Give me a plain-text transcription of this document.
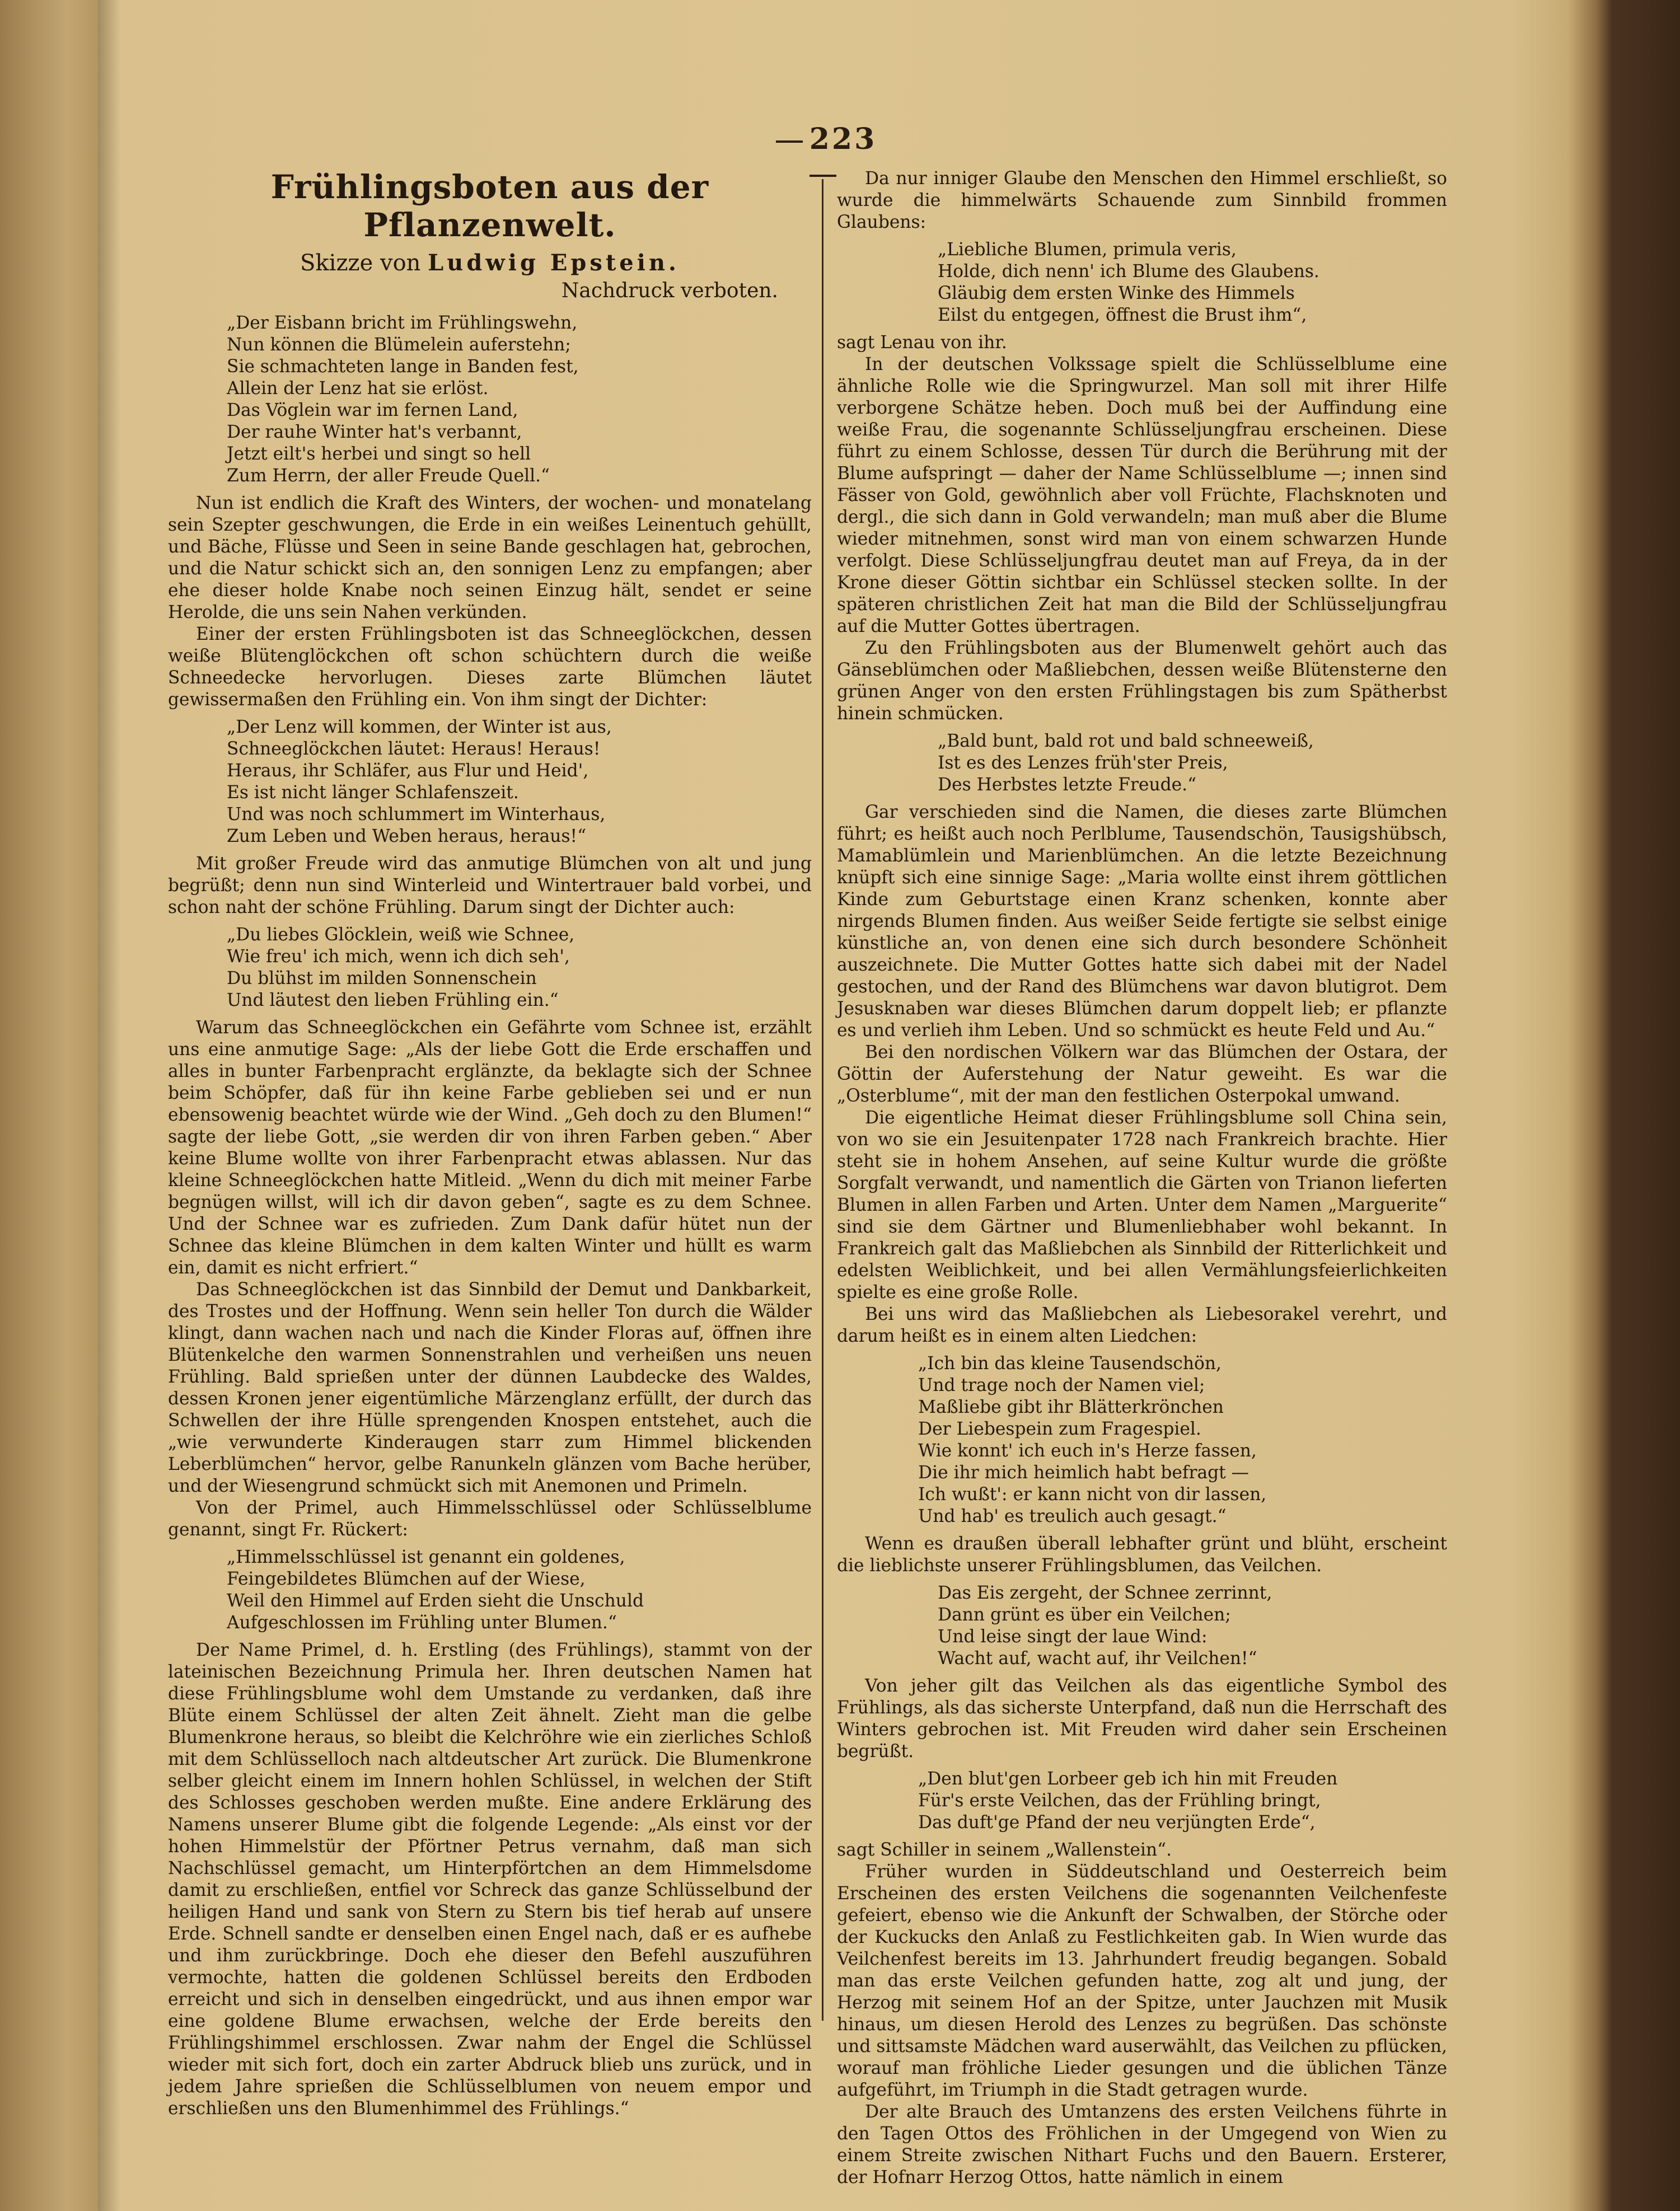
223
Frühlingsboten aus der Pflanzenwelt.
Skizze von Ludwig Epstein.
Nachdruck verboten.
„Der Eisbann bricht im Frühlingswehn,
Nun können die Blümelein auferstehn;
Sie schmachteten lange in Banden fest,
Allein der Lenz hat sie erlöst.
Das Vöglein war im fernen Land,
Der rauhe Winter hat's verbannt,
Jetzt eilt's herbei und singt so hell
Zum Herrn, der aller Freude Quell.“

Nun ist endlich die Kraft des Winters, der wochen- und monatelang sein Szepter geschwungen, die Erde in ein weißes Leinentuch gehüllt, und Bäche, Flüsse und Seen in seine Bande geschlagen hat, gebrochen, und die Natur schickt sich an, den sonnigen Lenz zu empfangen; aber ehe dieser holde Knabe noch seinen Einzug hält, sendet er seine Herolde, die uns sein Nahen verkünden.

Einer der ersten Frühlingsboten ist das Schneeglöckchen, dessen weiße Blütenglöckchen oft schon schüchtern durch die weiße Schneedecke hervorlugen. Dieses zarte Blümchen läutet gewissermaßen den Frühling ein. Von ihm singt der Dichter:

„Der Lenz will kommen, der Winter ist aus,
Schneeglöckchen läutet: Heraus! Heraus!
Heraus, ihr Schläfer, aus Flur und Heid',
Es ist nicht länger Schlafenszeit.
Und was noch schlummert im Winterhaus,
Zum Leben und Weben heraus, heraus!“

Mit großer Freude wird das anmutige Blümchen von alt und jung begrüßt; denn nun sind Winterleid und Wintertrauer bald vorbei, und schon naht der schöne Frühling. Darum singt der Dichter auch:

„Du liebes Glöcklein, weiß wie Schnee,
Wie freu' ich mich, wenn ich dich seh',
Du blühst im milden Sonnenschein
Und läutest den lieben Frühling ein.“

Warum das Schneeglöckchen ein Gefährte vom Schnee ist, erzählt uns eine anmutige Sage: „Als der liebe Gott die Erde erschaffen und alles in bunter Farbenpracht erglänzte, da beklagte sich der Schnee beim Schöpfer, daß für ihn keine Farbe geblieben sei und er nun ebensowenig beachtet würde wie der Wind. „Geh doch zu den Blumen!“ sagte der liebe Gott, „sie werden dir von ihren Farben geben.“ Aber keine Blume wollte von ihrer Farbenpracht etwas ablassen. Nur das kleine Schneeglöckchen hatte Mitleid. „Wenn du dich mit meiner Farbe begnügen willst, will ich dir davon geben“, sagte es zu dem Schnee. Und der Schnee war es zufrieden. Zum Dank dafür hütet nun der Schnee das kleine Blümchen in dem kalten Winter und hüllt es warm ein, damit es nicht erfriert.“

Das Schneeglöckchen ist das Sinnbild der Demut und Dankbarkeit, des Trostes und der Hoffnung. Wenn sein heller Ton durch die Wälder klingt, dann wachen nach und nach die Kinder Floras auf, öffnen ihre Blütenkelche den warmen Sonnenstrahlen und verheißen uns neuen Frühling. Bald sprießen unter der dünnen Laubdecke des Waldes, dessen Kronen jener eigentümliche Märzenglanz erfüllt, der durch das Schwellen der ihre Hülle sprengenden Knospen entstehet, auch die „wie verwunderte Kinderaugen starr zum Himmel blickenden Leberblümchen“ hervor, gelbe Ranunkeln glänzen vom Bache herüber, und der Wiesengrund schmückt sich mit Anemonen und Primeln.

Von der Primel, auch Himmelsschlüssel oder Schlüsselblume genannt, singt Fr. Rückert:

„Himmelsschlüssel ist genannt ein goldenes,
Feingebildetes Blümchen auf der Wiese,
Weil den Himmel auf Erden sieht die Unschuld
Aufgeschlossen im Frühling unter Blumen.“

Der Name Primel, d. h. Erstling (des Frühlings), stammt von der lateinischen Bezeichnung Primula her. Ihren deutschen Namen hat diese Frühlingsblume wohl dem Umstande zu verdanken, daß ihre Blüte einem Schlüssel der alten Zeit ähnelt. Zieht man die gelbe Blumenkrone heraus, so bleibt die Kelchröhre wie ein zierliches Schloß mit dem Schlüsselloch nach altdeutscher Art zurück. Die Blumenkrone selber gleicht einem im Innern hohlen Schlüssel, in welchen der Stift des Schlosses geschoben werden mußte. Eine andere Erklärung des Namens unserer Blume gibt die folgende Legende: „Als einst vor der hohen Himmelstür der Pförtner Petrus vernahm, daß man sich Nachschlüssel gemacht, um Hinterpförtchen an dem Himmelsdome damit zu erschließen, entfiel vor Schreck das ganze Schlüsselbund der heiligen Hand und sank von Stern zu Stern bis tief herab auf unsere Erde. Schnell sandte er denselben einen Engel nach, daß er es aufhebe und ihm zurückbringe. Doch ehe dieser den Befehl auszuführen vermochte, hatten die goldenen Schlüssel bereits den Erdboden erreicht und sich in denselben eingedrückt, und aus ihnen empor war eine goldene Blume erwachsen, welche der Erde bereits den Frühlingshimmel erschlossen. Zwar nahm der Engel die Schlüssel wieder mit sich fort, doch ein zarter Abdruck blieb uns zurück, und in jedem Jahre sprießen die Schlüsselblumen von neuem empor und erschließen uns den Blumenhimmel des Frühlings.“

Da nur inniger Glaube den Menschen den Himmel erschließt, so wurde die himmelwärts Schauende zum Sinnbild frommen Glaubens:

„Liebliche Blumen, primula veris,
Holde, dich nenn' ich Blume des Glaubens.
Gläubig dem ersten Winke des Himmels
Eilst du entgegen, öffnest die Brust ihm“,

sagt Lenau von ihr.

In der deutschen Volkssage spielt die Schlüsselblume eine ähnliche Rolle wie die Springwurzel. Man soll mit ihrer Hilfe verborgene Schätze heben. Doch muß bei der Auffindung eine weiße Frau, die sogenannte Schlüsseljungfrau erscheinen. Diese führt zu einem Schlosse, dessen Tür durch die Berührung mit der Blume aufspringt — daher der Name Schlüsselblume —; innen sind Fässer von Gold, gewöhnlich aber voll Früchte, Flachsknoten und dergl., die sich dann in Gold verwandeln; man muß aber die Blume wieder mitnehmen, sonst wird man von einem schwarzen Hunde verfolgt. Diese Schlüsseljungfrau deutet man auf Freya, da in der Krone dieser Göttin sichtbar ein Schlüssel stecken sollte. In der späteren christlichen Zeit hat man die Bild der Schlüsseljungfrau auf die Mutter Gottes übertragen.

Zu den Frühlingsboten aus der Blumenwelt gehört auch das Gänseblümchen oder Maßliebchen, dessen weiße Blütensterne den grünen Anger von den ersten Frühlingstagen bis zum Spätherbst hinein schmücken.

„Bald bunt, bald rot und bald schneeweiß,
Ist es des Lenzes früh'ster Preis,
Des Herbstes letzte Freude.“

Gar verschieden sind die Namen, die dieses zarte Blümchen führt; es heißt auch noch Perlblume, Tausendschön, Tausigshübsch, Mamablümlein und Marienblümchen. An die letzte Bezeichnung knüpft sich eine sinnige Sage: „Maria wollte einst ihrem göttlichen Kinde zum Geburtstage einen Kranz schenken, konnte aber nirgends Blumen finden. Aus weißer Seide fertigte sie selbst einige künstliche an, von denen eine sich durch besondere Schönheit auszeichnete. Die Mutter Gottes hatte sich dabei mit der Nadel gestochen, und der Rand des Blümchens war davon blutigrot. Dem Jesusknaben war dieses Blümchen darum doppelt lieb; er pflanzte es und verlieh ihm Leben. Und so schmückt es heute Feld und Au.“

Bei den nordischen Völkern war das Blümchen der Ostara, der Göttin der Auferstehung der Natur geweiht. Es war die „Osterblume“, mit der man den festlichen Osterpokal umwand.

Die eigentliche Heimat dieser Frühlingsblume soll China sein, von wo sie ein Jesuitenpater 1728 nach Frankreich brachte. Hier steht sie in hohem Ansehen, auf seine Kultur wurde die größte Sorgfalt verwandt, und namentlich die Gärten von Trianon lieferten Blumen in allen Farben und Arten. Unter dem Namen „Marguerite“ sind sie dem Gärtner und Blumenliebhaber wohl bekannt. In Frankreich galt das Maßliebchen als Sinnbild der Ritterlichkeit und edelsten Weiblichkeit, und bei allen Vermählungsfeierlichkeiten spielte es eine große Rolle.

Bei uns wird das Maßliebchen als Liebesorakel verehrt, und darum heißt es in einem alten Liedchen:

„Ich bin das kleine Tausendschön,
Und trage noch der Namen viel;
Maßliebe gibt ihr Blätterkrönchen
Der Liebespein zum Fragespiel.
Wie konnt' ich euch in's Herze fassen,
Die ihr mich heimlich habt befragt —
Ich wußt': er kann nicht von dir lassen,
Und hab' es treulich auch gesagt.“

Wenn es draußen überall lebhafter grünt und blüht, erscheint die lieblichste unserer Frühlingsblumen, das Veilchen.

Das Eis zergeht, der Schnee zerrinnt,
Dann grünt es über ein Veilchen;
Und leise singt der laue Wind:
Wacht auf, wacht auf, ihr Veilchen!“

Von jeher gilt das Veilchen als das eigentliche Symbol des Frühlings, als das sicherste Unterpfand, daß nun die Herrschaft des Winters gebrochen ist. Mit Freuden wird daher sein Erscheinen begrüßt.

„Den blut'gen Lorbeer geb ich hin mit Freuden
Für's erste Veilchen, das der Frühling bringt,
Das duft'ge Pfand der neu verjüngten Erde“,

sagt Schiller in seinem „Wallenstein“.

Früher wurden in Süddeutschland und Oesterreich beim Erscheinen des ersten Veilchens die sogenannten Veilchenfeste gefeiert, ebenso wie die Ankunft der Schwalben, der Störche oder der Kuckucks den Anlaß zu Festlichkeiten gab. In Wien wurde das Veilchenfest bereits im 13. Jahrhundert freudig begangen. Sobald man das erste Veilchen gefunden hatte, zog alt und jung, der Herzog mit seinem Hof an der Spitze, unter Jauchzen mit Musik hinaus, um diesen Herold des Lenzes zu begrüßen. Das schönste und sittsamste Mädchen ward auserwählt, das Veilchen zu pflücken, worauf man fröhliche Lieder gesungen und die üblichen Tänze aufgeführt, im Triumph in die Stadt getragen wurde.

Der alte Brauch des Umtanzens des ersten Veilchens führte in den Tagen Ottos des Fröhlichen in der Umgegend von Wien zu einem Streite zwischen Nithart Fuchs und den Bauern. Ersterer, der Hofnarr Herzog Ottos, hatte nämlich in einem
